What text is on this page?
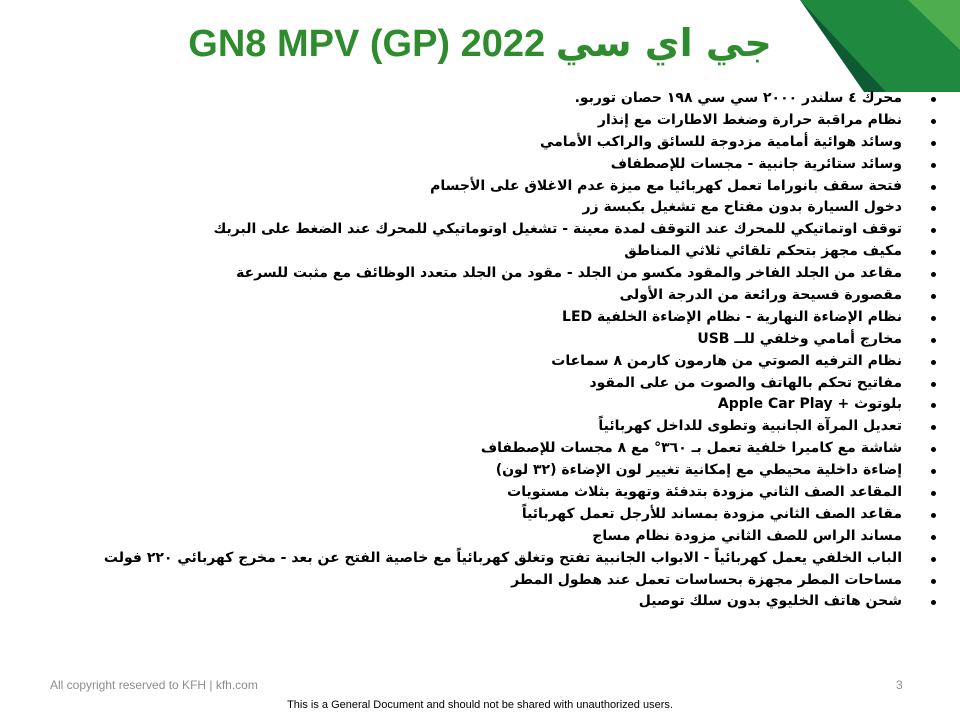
GN8 MPV (GP) 2022 جي اي سي
محرك ٤ سلندر ٢٠٠٠ سي سي ١٩٨ حصان توربو.
نظام مراقبة حرارة وضغط الاطارات مع إنذار
وسائد هوائية أمامية مزدوجة للسائق والراكب الأمامي
وسائد ستائرية جانبية - مجسات للإصطفاف
فتحة سقف بانوراما تعمل كهربائيا مع ميزة عدم الاغلاق على الأجسام
دخول السيارة بدون مفتاح مع تشغيل بكبسة زر
توقف اوتماتيكي للمحرك عند التوقف لمدة معينة - تشغيل اوتوماتيكي للمحرك عند الضغط على البريك
مكيف مجهز بتحكم تلقائي ثلاثي المناطق
مقاعد من الجلد الفاخر والمقود مكسو من الجلد - مقود من الجلد متعدد الوظائف مع مثبت للسرعة
مقصورة فسيحة ورائعة من الدرجة الأولى
نظام الإضاءة النهارية - نظام الإضاءة الخلفية LED
مخارج أمامي وخلفي للــ USB
نظام الترفيه الصوتي من هارمون كارمن ٨ سماعات
مفاتيح تحكم بالهاتف والصوت من على المقود
بلوتوث + Apple Car Play
تعديل المرآة الجانبية وتطوى للداخل كهربائياً
شاشة مع كاميرا خلفية تعمل بـ ٣٦٠° مع ٨ مجسات للإصطفاف
إضاءة داخلية محيطي مع إمكانية تغيير لون الإضاءة (٣٢ لون)
المقاعد الصف الثاني مزودة بتدفئة وتهوية بثلاث مستويات
مقاعد الصف الثاني مزودة بمساند للأرجل تعمل كهربائياً
مساند الراس للصف الثاني مزودة نظام مساج
الباب الخلفي يعمل كهربائياً - الابواب الجانبية تفتح وتغلق كهربائياً مع خاصية الفتح عن بعد - مخرج كهربائي ٢٢٠ فولت
مساحات المطر مجهزة بحساسات تعمل عند هطول المطر
شحن هاتف الخليوي بدون سلك توصيل
All copyright reserved to KFH | kfh.com	3
This is a General Document and should not be shared with unauthorized users.
